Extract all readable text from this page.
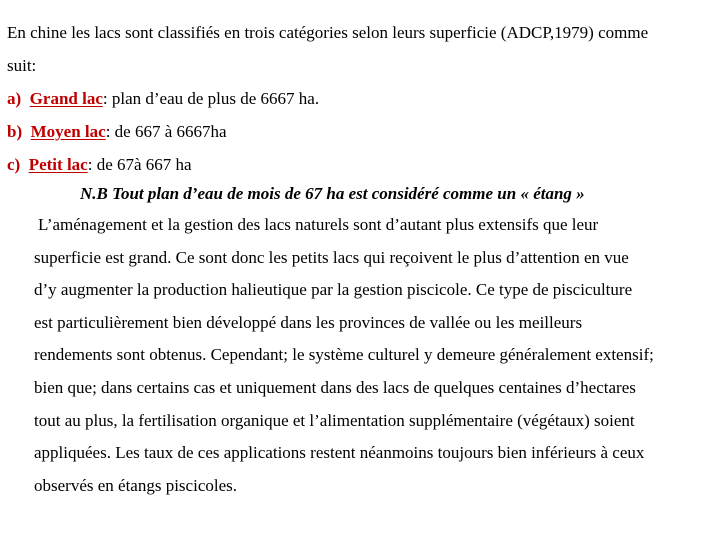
En chine les lacs sont classifiés en trois catégories selon leurs superficie (ADCP,1979) comme
suit:
a) Grand lac: plan d’eau de plus de 6667 ha.
b) Moyen lac: de 667 à 6667ha
c) Petit lac: de 67à 667 ha
N.B Tout plan d’eau de mois de 67 ha est considéré comme un « étang »
L’aménagement et la gestion des lacs naturels sont d’autant plus extensifs que leur
superficie est grand. Ce sont donc les petits lacs qui reçoivent le plus d’attention en vue
d’y augmenter la production halieutique par la gestion piscicole. Ce type de pisciculture
est particulièrement bien développé dans les provinces de vallée ou les meilleurs
rendements sont obtenus. Cependant; le système culturel y demeure généralement extensif;
bien que; dans certains cas et uniquement dans des lacs de quelques centaines d’hectares
tout au plus, la fertilisation organique et l’alimentation supplémentaire (végétaux) soient
appliquées. Les taux de ces applications restent néanmoins toujours bien inférieurs à ceux
observés en étangs piscicoles.
